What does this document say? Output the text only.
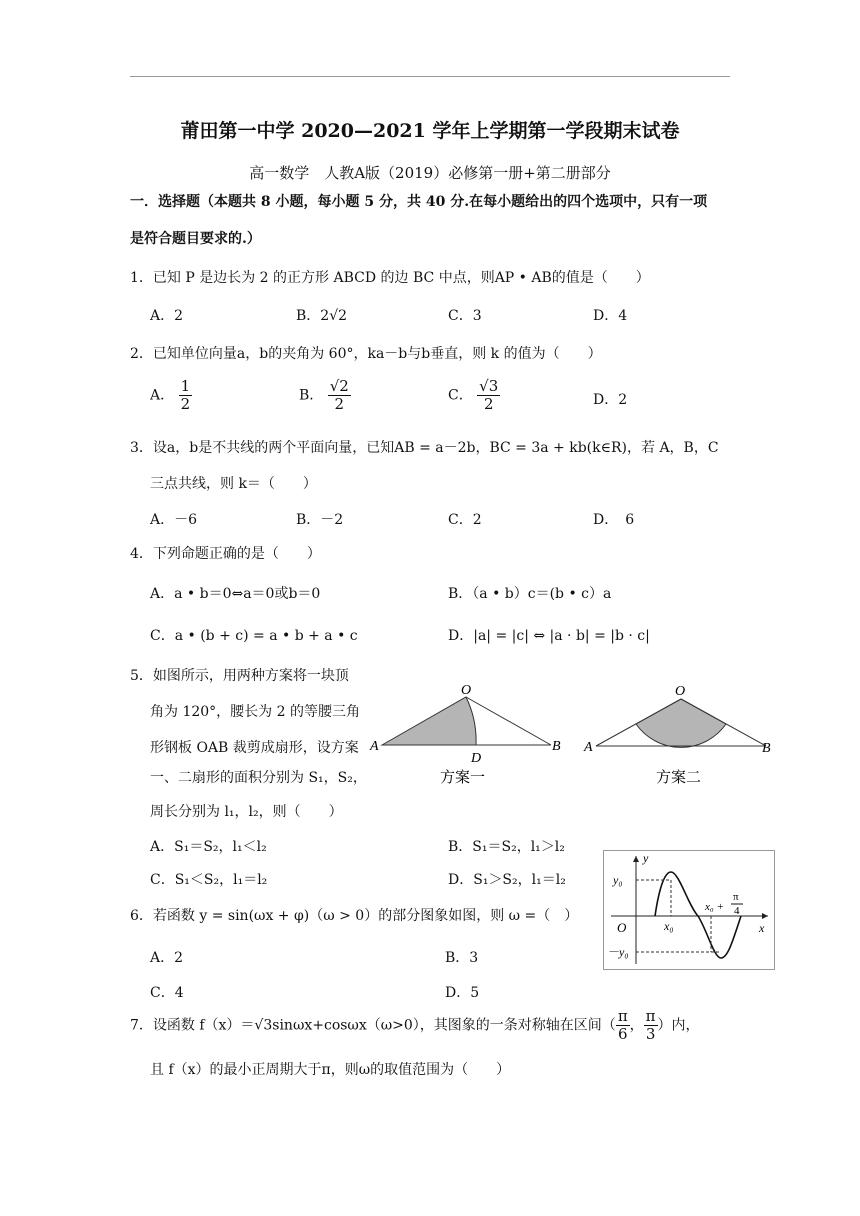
莆田第一中学 2020—2021 学年上学期第一学段期末试卷
高一数学　人教A版（2019）必修第一册+第二册部分
一．选择题（本题共 8 小题，每小题 5 分，共 40 分.在每小题给出的四个选项中，只有一项
是符合题目要求的.）
1．已知 P 是边长为 2 的正方形 ABCD 的边 BC 中点，则AP • AB的值是（　　）
A．2	B．2√2	C．3	D．4
2．已知单位向量a，b的夹角为 60°，ka－b与b垂直，则 k 的值为（　　）
A． $\frac{1}{2}$	B． $\frac{√2}{2}$	C． $\frac{√3}{2}$	D．2
3．设a，b是不共线的两个平面向量，已知AB = a－2b，BC = 3a + kb(k∈R)，若 A，B，C
三点共线，则 k＝（　　）
A．－6	B．－2	C．2	D．　6
4．下列命题正确的是（　　）
A．a • b＝0⇔a＝0或b＝0	B．（a • b）c＝(b • c）a
C．a • (b + c) = a • b + a • c	D．|a| = |c| ⇔ |a · b| = |b · c|
5．如图所示，用两种方案将一块顶
角为 120°，腰长为 2 的等腰三角
形钢板 OAB 裁剪成扇形，设方案
一、二扇形的面积分别为 S₁，S₂，
周长分别为 l₁，l₂，则（　　）
A．S₁＝S₂，l₁＜l₂	B．S₁＝S₂，l₁＞l₂
C．S₁＜S₂，l₁＝l₂	D．S₁＞S₂，l₁＝l₂
O
A	B
D
方案一
O
A	B
方案二
y
x
O
y₀
－y₀
x₀
x₀ +
π
4
6．若函数 y = sin(ωx + φ)（ω > 0）的部分图象如图，则 ω =（　）
A．2	B．3
C．4	D．5
7．设函数 f（x）＝√3sinωx+cosωx（ω>0），其图象的一条对称轴在区间（ $\frac{\pi}{6}$ ， $\frac{\pi}{3}$ ）内，
且 f（x）的最小正周期大于π，则ω的取值范围为（　　）
